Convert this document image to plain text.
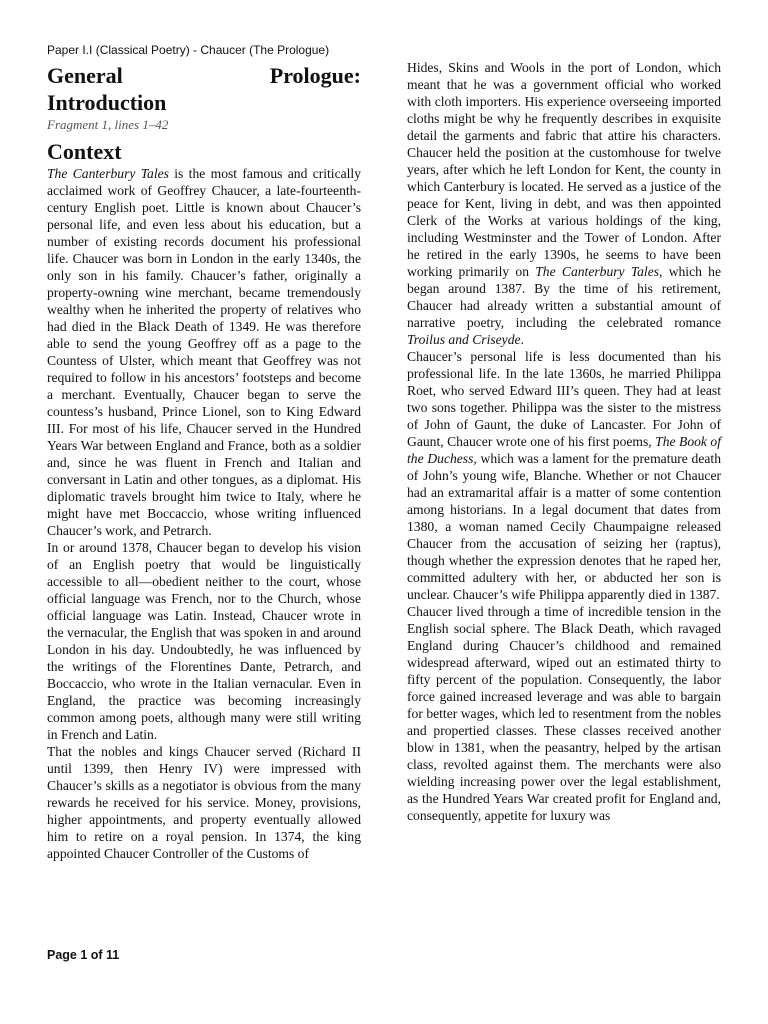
Paper I.I (Classical Poetry) - Chaucer (The Prologue)
General	Prologue:
Introduction
Fragment 1, lines 1–42
Context

The Canterbury Tales is the most famous and critically acclaimed work of Geoffrey Chaucer, a late-fourteenth-century English poet. Little is known about Chaucer’s personal life, and even less about his education, but a number of existing records document his professional life. Chaucer was born in London in the early 1340s, the only son in his family. Chaucer’s father, originally a property-owning wine merchant, became tremendously wealthy when he inherited the property of relatives who had died in the Black Death of 1349. He was therefore able to send the young Geoffrey off as a page to the Countess of Ulster, which meant that Geoffrey was not required to follow in his ancestors’ footsteps and become a merchant. Eventually, Chaucer began to serve the countess’s husband, Prince Lionel, son to King Edward III. For most of his life, Chaucer served in the Hundred Years War between England and France, both as a soldier and, since he was fluent in French and Italian and conversant in Latin and other tongues, as a diplomat. His diplomatic travels brought him twice to Italy, where he might have met Boccaccio, whose writing influenced Chaucer’s work, and Petrarch.

In or around 1378, Chaucer began to develop his vision of an English poetry that would be linguistically accessible to all—obedient neither to the court, whose official language was French, nor to the Church, whose official language was Latin. Instead, Chaucer wrote in the vernacular, the English that was spoken in and around London in his day. Undoubtedly, he was influenced by the writings of the Florentines Dante, Petrarch, and Boccaccio, who wrote in the Italian vernacular. Even in England, the practice was becoming increasingly common among poets, although many were still writing in French and Latin.

That the nobles and kings Chaucer served (Richard II until 1399, then Henry IV) were impressed with Chaucer’s skills as a negotiator is obvious from the many rewards he received for his service. Money, provisions, higher appointments, and property eventually allowed him to retire on a royal pension. In 1374, the king appointed Chaucer Controller of the Customs of

Hides, Skins and Wools in the port of London, which meant that he was a government official who worked with cloth importers. His experience overseeing imported cloths might be why he frequently describes in exquisite detail the garments and fabric that attire his characters. Chaucer held the position at the customhouse for twelve years, after which he left London for Kent, the county in which Canterbury is located. He served as a justice of the peace for Kent, living in debt, and was then appointed Clerk of the Works at various holdings of the king, including Westminster and the Tower of London. After he retired in the early 1390s, he seems to have been working primarily on The Canterbury Tales, which he began around 1387. By the time of his retirement, Chaucer had already written a substantial amount of narrative poetry, including the celebrated romance Troilus and Criseyde.

Chaucer’s personal life is less documented than his professional life. In the late 1360s, he married Philippa Roet, who served Edward III’s queen. They had at least two sons together. Philippa was the sister to the mistress of John of Gaunt, the duke of Lancaster. For John of Gaunt, Chaucer wrote one of his first poems, The Book of the Duchess, which was a lament for the premature death of John’s young wife, Blanche. Whether or not Chaucer had an extramarital affair is a matter of some contention among historians. In a legal document that dates from 1380, a woman named Cecily Chaumpaigne released Chaucer from the accusation of seizing her (raptus), though whether the expression denotes that he raped her, committed adultery with her, or abducted her son is unclear. Chaucer’s wife Philippa apparently died in 1387.

Chaucer lived through a time of incredible tension in the English social sphere. The Black Death, which ravaged England during Chaucer’s childhood and remained widespread afterward, wiped out an estimated thirty to fifty percent of the population. Consequently, the labor force gained increased leverage and was able to bargain for better wages, which led to resentment from the nobles and propertied classes. These classes received another blow in 1381, when the peasantry, helped by the artisan class, revolted against them. The merchants were also wielding increasing power over the legal establishment, as the Hundred Years War created profit for England and, consequently, appetite for luxury was

Page 1 of 11
